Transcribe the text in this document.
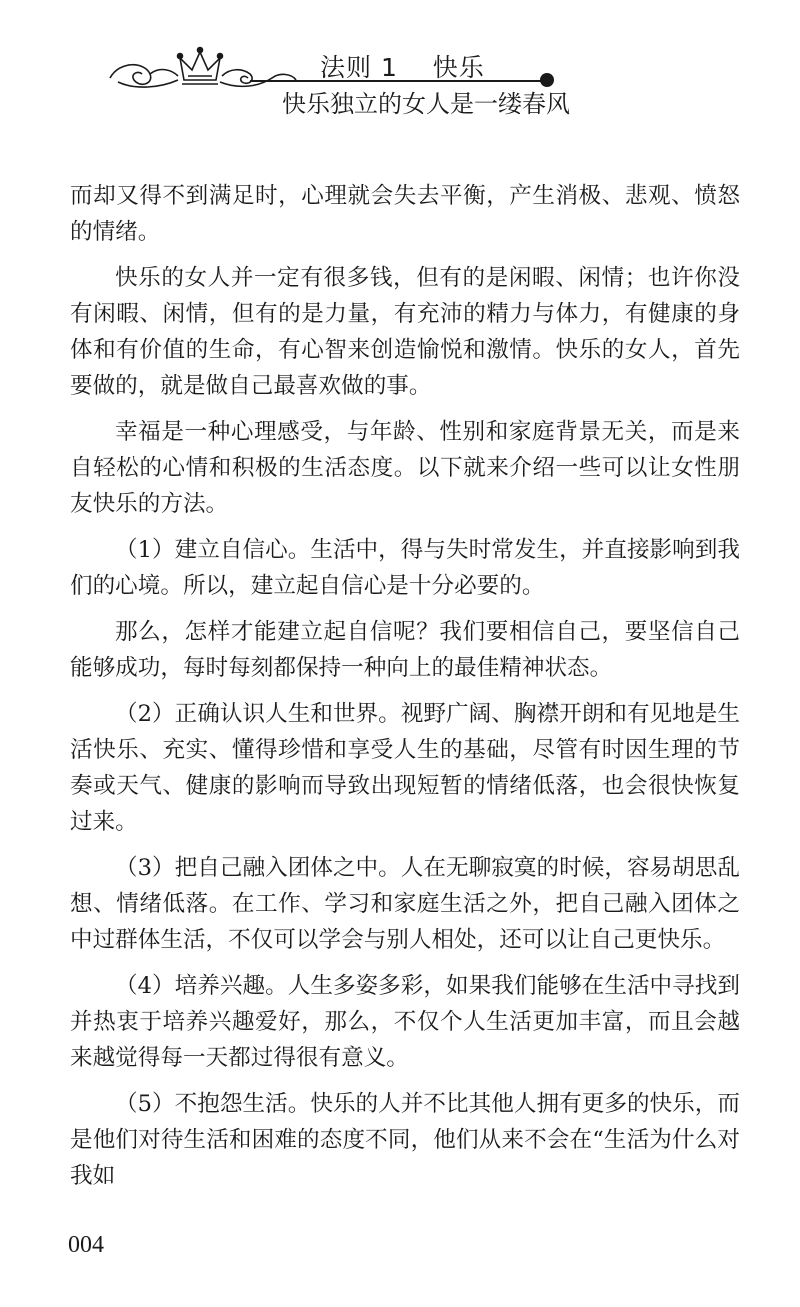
法则 1　 快乐
快乐独立的女人是一缕春风

而却又得不到满足时，心理就会失去平衡，产生消极、悲观、愤怒的情绪。

快乐的女人并一定有很多钱，但有的是闲暇、闲情；也许你没有闲暇、闲情，但有的是力量，有充沛的精力与体力，有健康的身体和有价值的生命，有心智来创造愉悦和激情。快乐的女人，首先要做的，就是做自己最喜欢做的事。

幸福是一种心理感受，与年龄、性别和家庭背景无关，而是来自轻松的心情和积极的生活态度。以下就来介绍一些可以让女性朋友快乐的方法。

（1）建立自信心。生活中，得与失时常发生，并直接影响到我们的心境。所以，建立起自信心是十分必要的。

那么，怎样才能建立起自信呢？我们要相信自己，要坚信自己能够成功，每时每刻都保持一种向上的最佳精神状态。

（2）正确认识人生和世界。视野广阔、胸襟开朗和有见地是生活快乐、充实、懂得珍惜和享受人生的基础，尽管有时因生理的节奏或天气、健康的影响而导致出现短暂的情绪低落，也会很快恢复过来。

（3）把自己融入团体之中。人在无聊寂寞的时候，容易胡思乱想、情绪低落。在工作、学习和家庭生活之外，把自己融入团体之中过群体生活，不仅可以学会与别人相处，还可以让自己更快乐。

（4）培养兴趣。人生多姿多彩，如果我们能够在生活中寻找到并热衷于培养兴趣爱好，那么，不仅个人生活更加丰富，而且会越来越觉得每一天都过得很有意义。

（5）不抱怨生活。快乐的人并不比其他人拥有更多的快乐，而是他们对待生活和困难的态度不同，他们从来不会在“生活为什么对我如

004
